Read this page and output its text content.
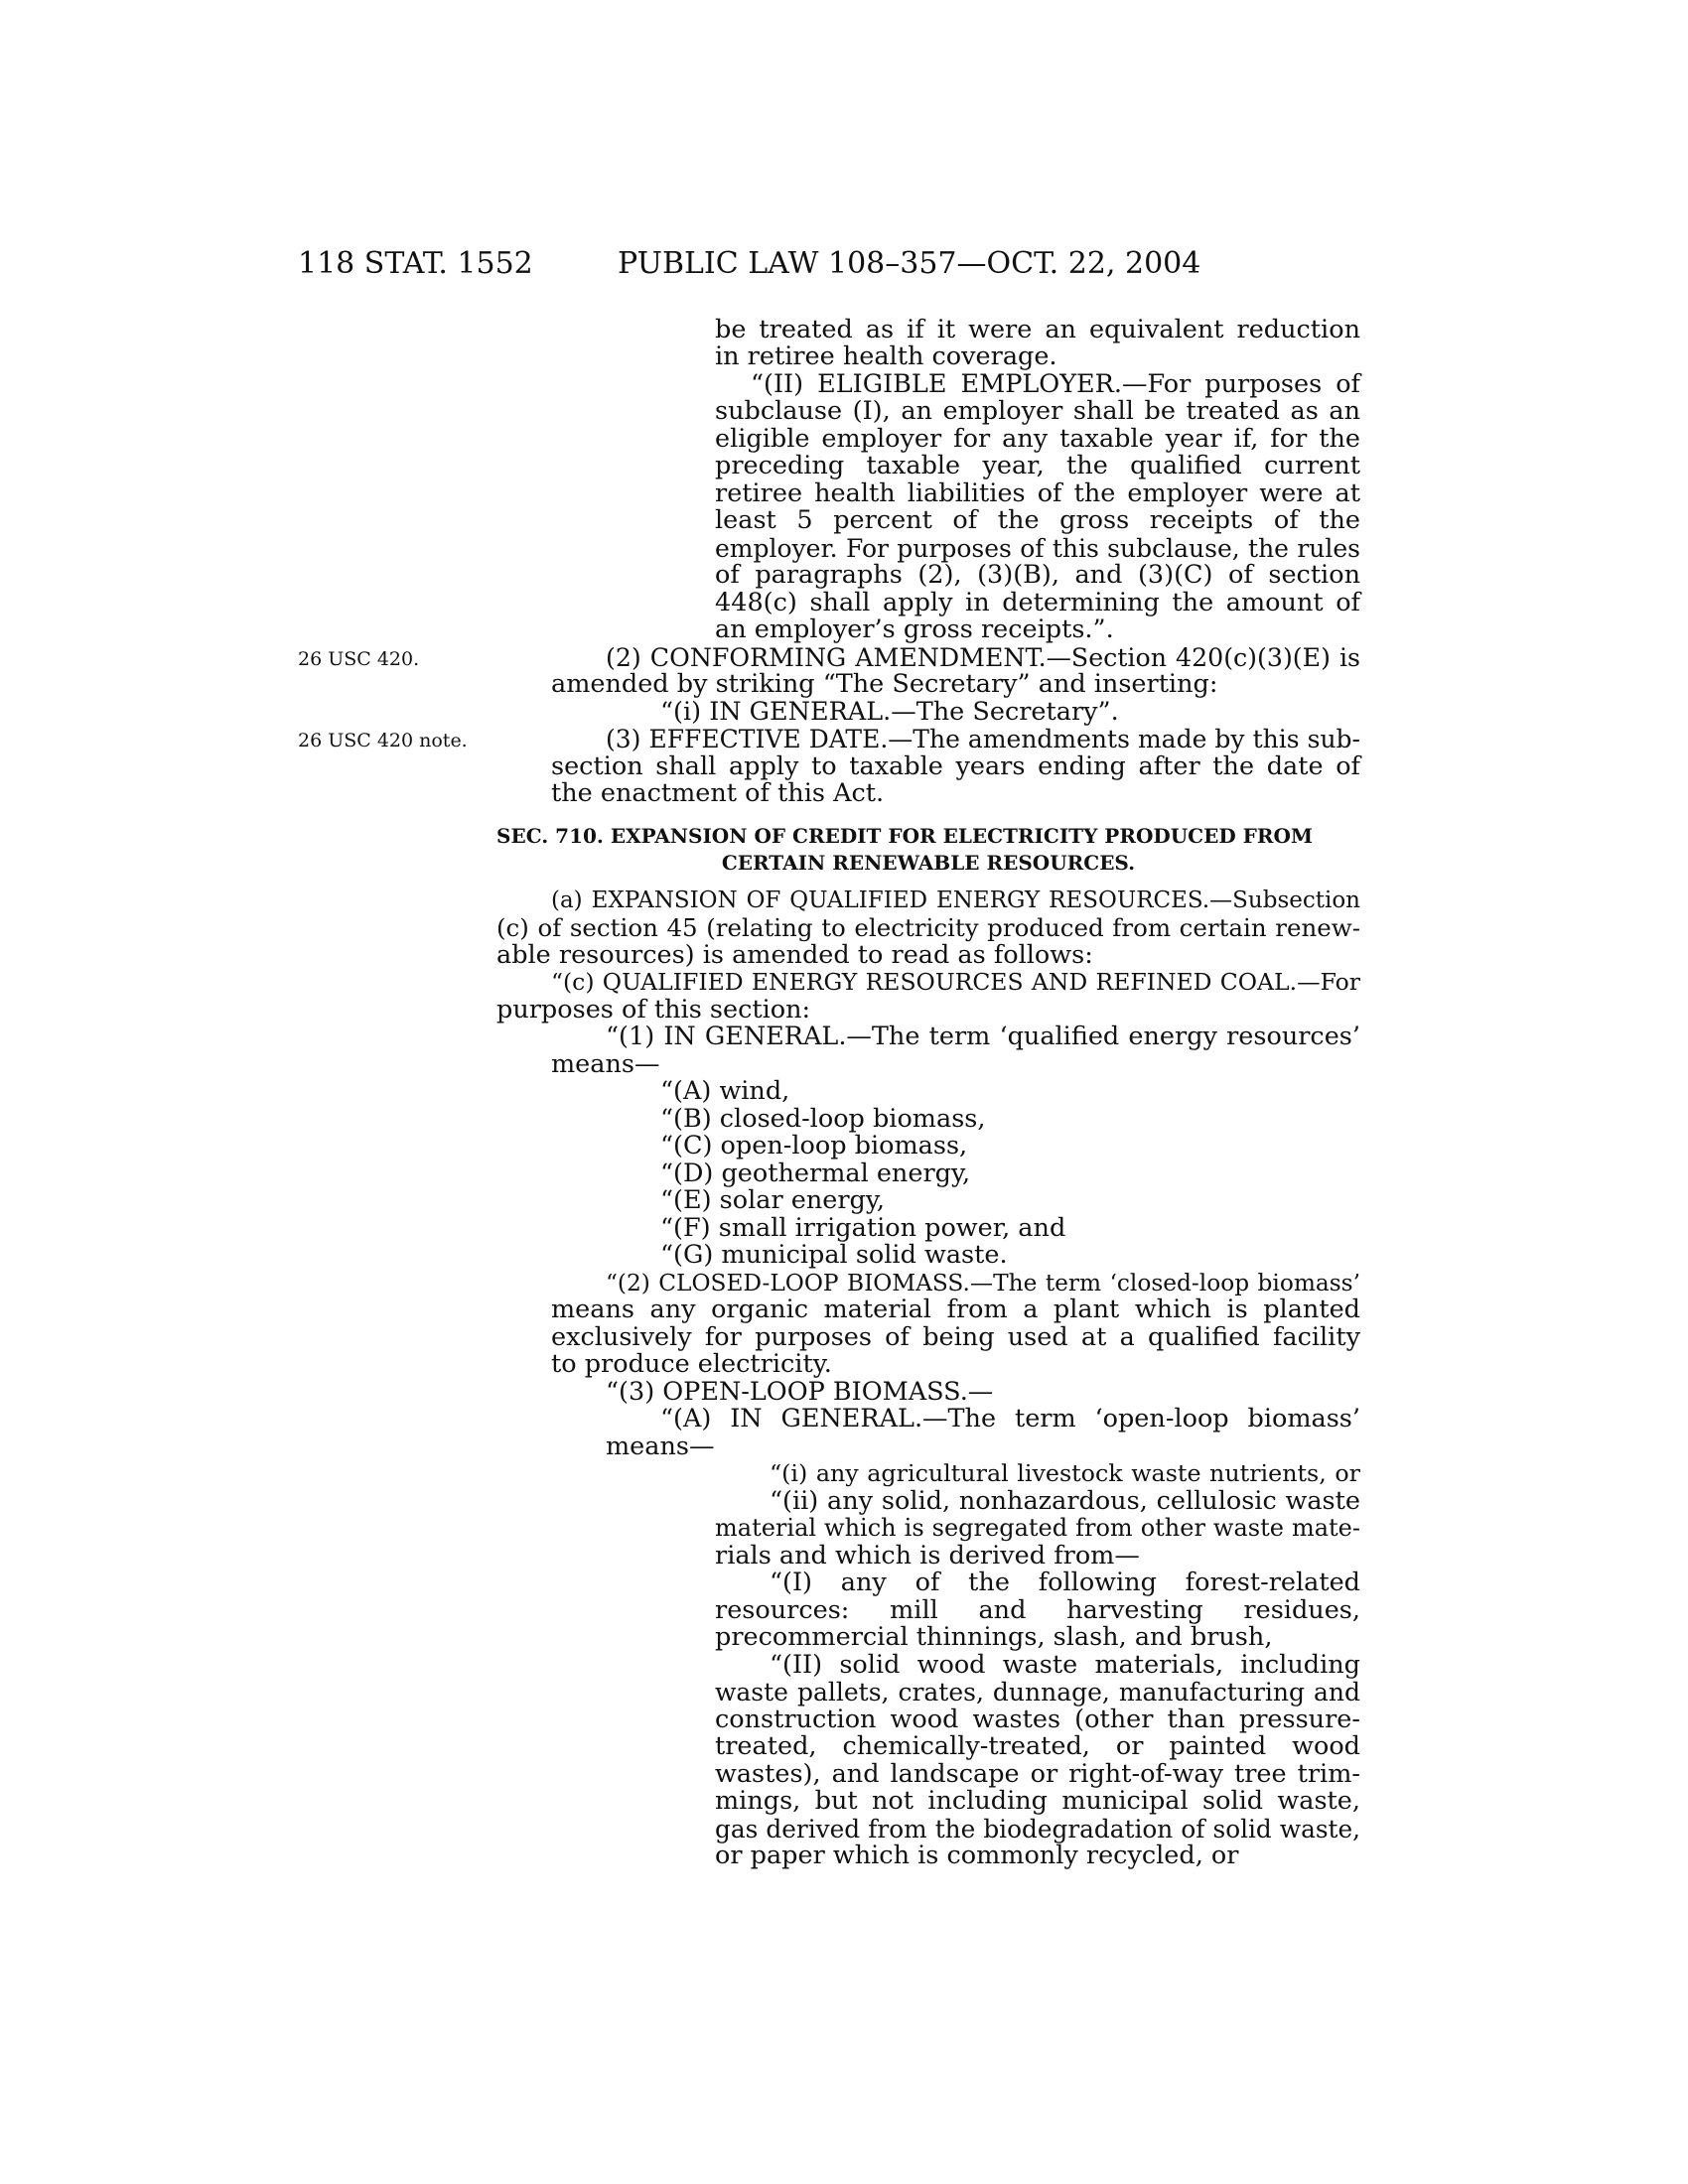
118 STAT. 1552	PUBLIC LAW 108–357—OCT. 22, 2004
26 USC 420.
26 USC 420 note.
SEC. 710. EXPANSION OF CREDIT FOR ELECTRICITY PRODUCED FROM
CERTAIN RENEWABLE RESOURCES.
be treated as if it were an equivalent reduction
in retiree health coverage.
“(II) ELIGIBLE EMPLOYER.—For purposes of
subclause (I), an employer shall be treated as an
eligible employer for any taxable year if, for the
preceding taxable year, the qualified current
retiree health liabilities of the employer were at
least 5 percent of the gross receipts of the
employer. For purposes of this subclause, the rules
of paragraphs (2), (3)(B), and (3)(C) of section
448(c) shall apply in determining the amount of
an employer’s gross receipts.”.
(2) CONFORMING AMENDMENT.—Section 420(c)(3)(E) is
amended by striking “The Secretary” and inserting:
“(i) IN GENERAL.—The Secretary”.
(3) EFFECTIVE DATE.—The amendments made by this sub-
section shall apply to taxable years ending after the date of
the enactment of this Act.
(a) EXPANSION OF QUALIFIED ENERGY RESOURCES.—Subsection
(c) of section 45 (relating to electricity produced from certain renew-
able resources) is amended to read as follows:
“(c) QUALIFIED ENERGY RESOURCES AND REFINED COAL.—For
purposes of this section:
“(1) IN GENERAL.—The term ‘qualified energy resources’
means—
“(A) wind,
“(B) closed-loop biomass,
“(C) open-loop biomass,
“(D) geothermal energy,
“(E) solar energy,
“(F) small irrigation power, and
“(G) municipal solid waste.
“(2) CLOSED-LOOP BIOMASS.—The term ‘closed-loop biomass’
means any organic material from a plant which is planted
exclusively for purposes of being used at a qualified facility
to produce electricity.
“(3) OPEN-LOOP BIOMASS.—
“(A) IN GENERAL.—The term ‘open-loop biomass’
means—
“(i) any agricultural livestock waste nutrients, or
“(ii) any solid, nonhazardous, cellulosic waste
material which is segregated from other waste mate-
rials and which is derived from—
“(I) any of the following forest-related
resources: mill and harvesting residues,
precommercial thinnings, slash, and brush,
“(II) solid wood waste materials, including
waste pallets, crates, dunnage, manufacturing and
construction wood wastes (other than pressure-
treated, chemically-treated, or painted wood
wastes), and landscape or right-of-way tree trim-
mings, but not including municipal solid waste,
gas derived from the biodegradation of solid waste,
or paper which is commonly recycled, or
